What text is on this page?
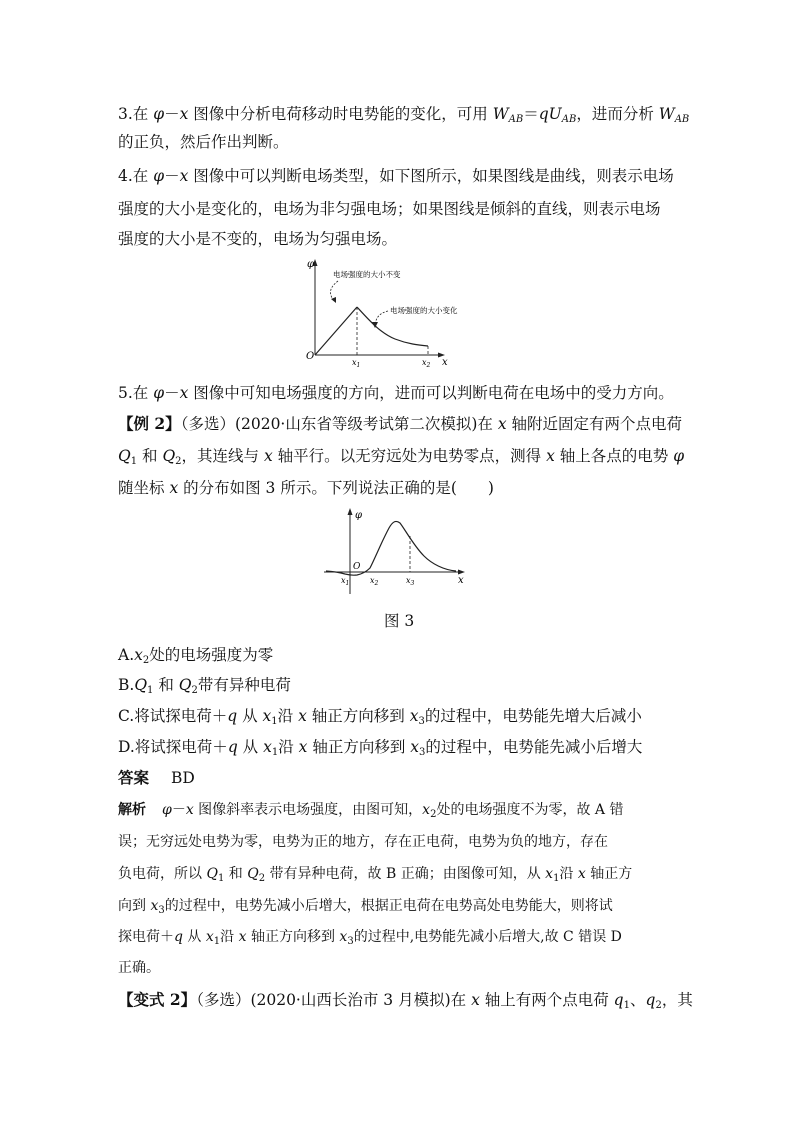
3.在 φ－x 图像中分析电荷移动时电势能的变化，可用 $W_{AB}=qU_{AB}$，进而分析 $W_{AB}$
的正负，然后作出判断。
4.在 φ－x 图像中可以判断电场类型，如下图所示，如果图线是曲线，则表示电场
强度的大小是变化的，电场为非匀强电场；如果图线是倾斜的直线，则表示电场
强度的大小是不变的，电场为匀强电场。
φ
x
O
$x_1$	$x_2$
电场强度的大小不变
电场强度的大小变化
5.在 φ－x 图像中可知电场强度的方向，进而可以判断电荷在电场中的受力方向。
【例 2】（多选）(2020·山东省等级考试第二次模拟)在 x 轴附近固定有两个点电荷
$Q_1$ 和 $Q_2$，其连线与 x 轴平行。以无穷远处为电势零点，测得 x 轴上各点的电势 φ
随坐标 x 的分布如图 3 所示。下列说法正确的是(　　)
φ
x
O
$x_1$	$x_2$	$x_3$
图 3
$A.x_2$处的电场强度为零
$B.Q_1$ 和 $Q_2$带有异种电荷
C.将试探电荷＋q 从 $x_1$沿 x 轴正方向移到 $x_3$的过程中，电势能先增大后减小
D.将试探电荷＋q 从 $x_1$沿 x 轴正方向移到 $x_3$的过程中，电势能先减小后增大
答案 BD
解析 φ－x 图像斜率表示电场强度，由图可知，$x_2$处的电场强度不为零，故 A 错
误；无穷远处电势为零，电势为正的地方，存在正电荷，电势为负的地方，存在
负电荷，所以 $Q_1$ 和 $Q_2$ 带有异种电荷，故 B 正确；由图像可知，从 $x_1$沿 x 轴正方
向到 $x_3$的过程中，电势先减小后增大，根据正电荷在电势高处电势能大，则将试
探电荷＋q 从 $x_1$沿 x 轴正方向移到 $x_3$的过程中,电势能先减小后增大,故 C 错误 D
正确。
【变式 2】（多选）(2020·山西长治市 3 月模拟)在 x 轴上有两个点电荷 $q_1$、$q_2$，其
